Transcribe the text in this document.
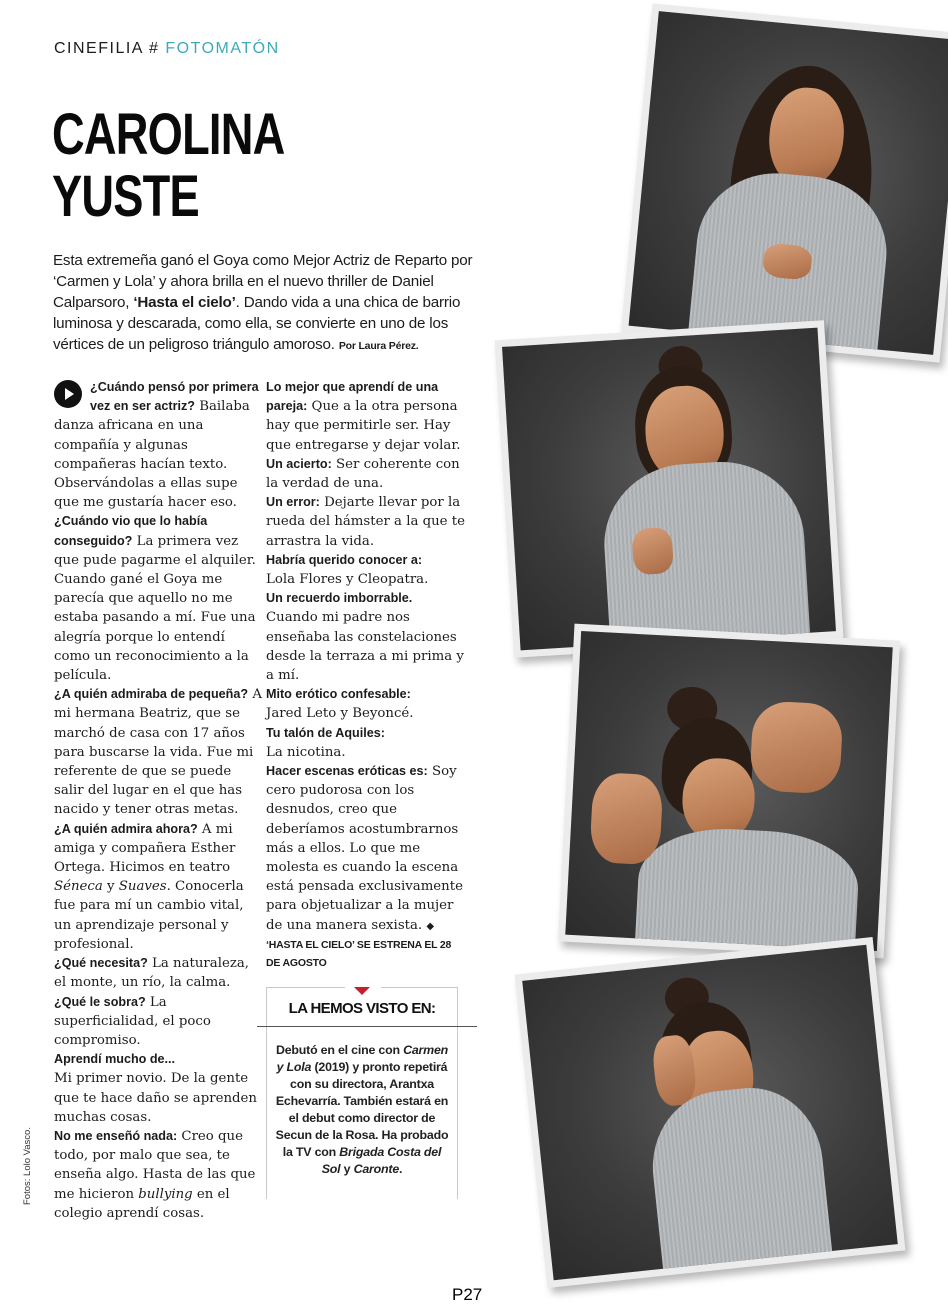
CINEFILIA # FOTOMATÓN
CAROLINA
YUSTE
Esta extremeña ganó el Goya como Mejor Actriz de Reparto por ‘Carmen y Lola’ y ahora brilla en el nuevo thriller de Daniel Calparsoro, ‘Hasta el cielo’. Dando vida a una chica de barrio luminosa y descarada, como ella, se convierte en uno de los vértices de un peligroso triángulo amoroso. Por Laura Pérez.

¿Cuándo pensó por primera vez en ser actriz? Bailaba danza africana en una compañía y algunas compañeras hacían texto. Observándolas a ellas supe que me gustaría hacer eso.

¿Cuándo vio que lo había conseguido? La primera vez que pude pagarme el alquiler. Cuando gané el Goya me parecía que aquello no me estaba pasando a mí. Fue una alegría porque lo entendí como un reconocimiento a la película.

¿A quién admiraba de pequeña? A mi hermana Beatriz, que se marchó de casa con 17 años para buscarse la vida. Fue mi referente de que se puede salir del lugar en el que has nacido y tener otras metas.

¿A quién admira ahora? A mi amiga y compañera Esther Ortega. Hicimos en teatro Séneca y Suaves. Conocerla fue para mí un cambio vital, un aprendizaje personal y profesional.

¿Qué necesita? La naturaleza, el monte, un río, la calma.

¿Qué le sobra? La superficialidad, el poco compromiso.

Aprendí mucho de...
Mi primer novio. De la gente que te hace daño se aprenden muchas cosas.

No me enseñó nada: Creo que todo, por malo que sea, te enseña algo. Hasta de las que me hicieron bullying en el colegio aprendí cosas.

Lo mejor que aprendí de una pareja: Que a la otra persona hay que permitirle ser. Hay que entregarse y dejar volar.

Un acierto: Ser coherente con la verdad de una.

Un error: Dejarte llevar por la rueda del hámster a la que te arrastra la vida.

Habría querido conocer a:
Lola Flores y Cleopatra.

Un recuerdo imborrable.
Cuando mi padre nos enseñaba las constelaciones desde la terraza a mi prima y a mí.

Mito erótico confesable:
Jared Leto y Beyoncé.

Tu talón de Aquiles:
La nicotina.

Hacer escenas eróticas es: Soy cero pudorosa con los desnudos, creo que deberíamos acostumbrarnos más a ellos. Lo que me molesta es cuando la escena está pensada exclusivamente para objetualizar a la mujer de una manera sexista. ◆

‘HASTA EL CIELO’ SE ESTRENA EL 28 DE AGOSTO

LA HEMOS VISTO EN:
Debutó en el cine con Carmen y Lola (2019) y pronto repetirá con su directora, Arantxa Echevarría. También estará en el debut como director de Secun de la Rosa. Ha probado la TV con Brigada Costa del Sol y Caronte.
Fotos: Lolo Vasco.
P27
